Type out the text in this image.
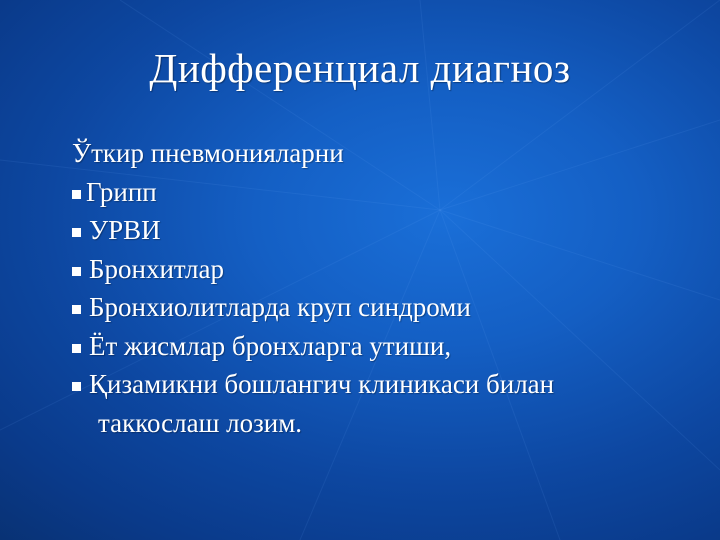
Дифференциал диагноз
Ўткир пневмонияларни
Грипп
УРВИ
Бронхитлар
Бронхиолитларда круп синдроми
Ёт жисмлар бронхларга утиши,
Қизамикни бошлангич клиникаси билан
таккослаш лозим.
